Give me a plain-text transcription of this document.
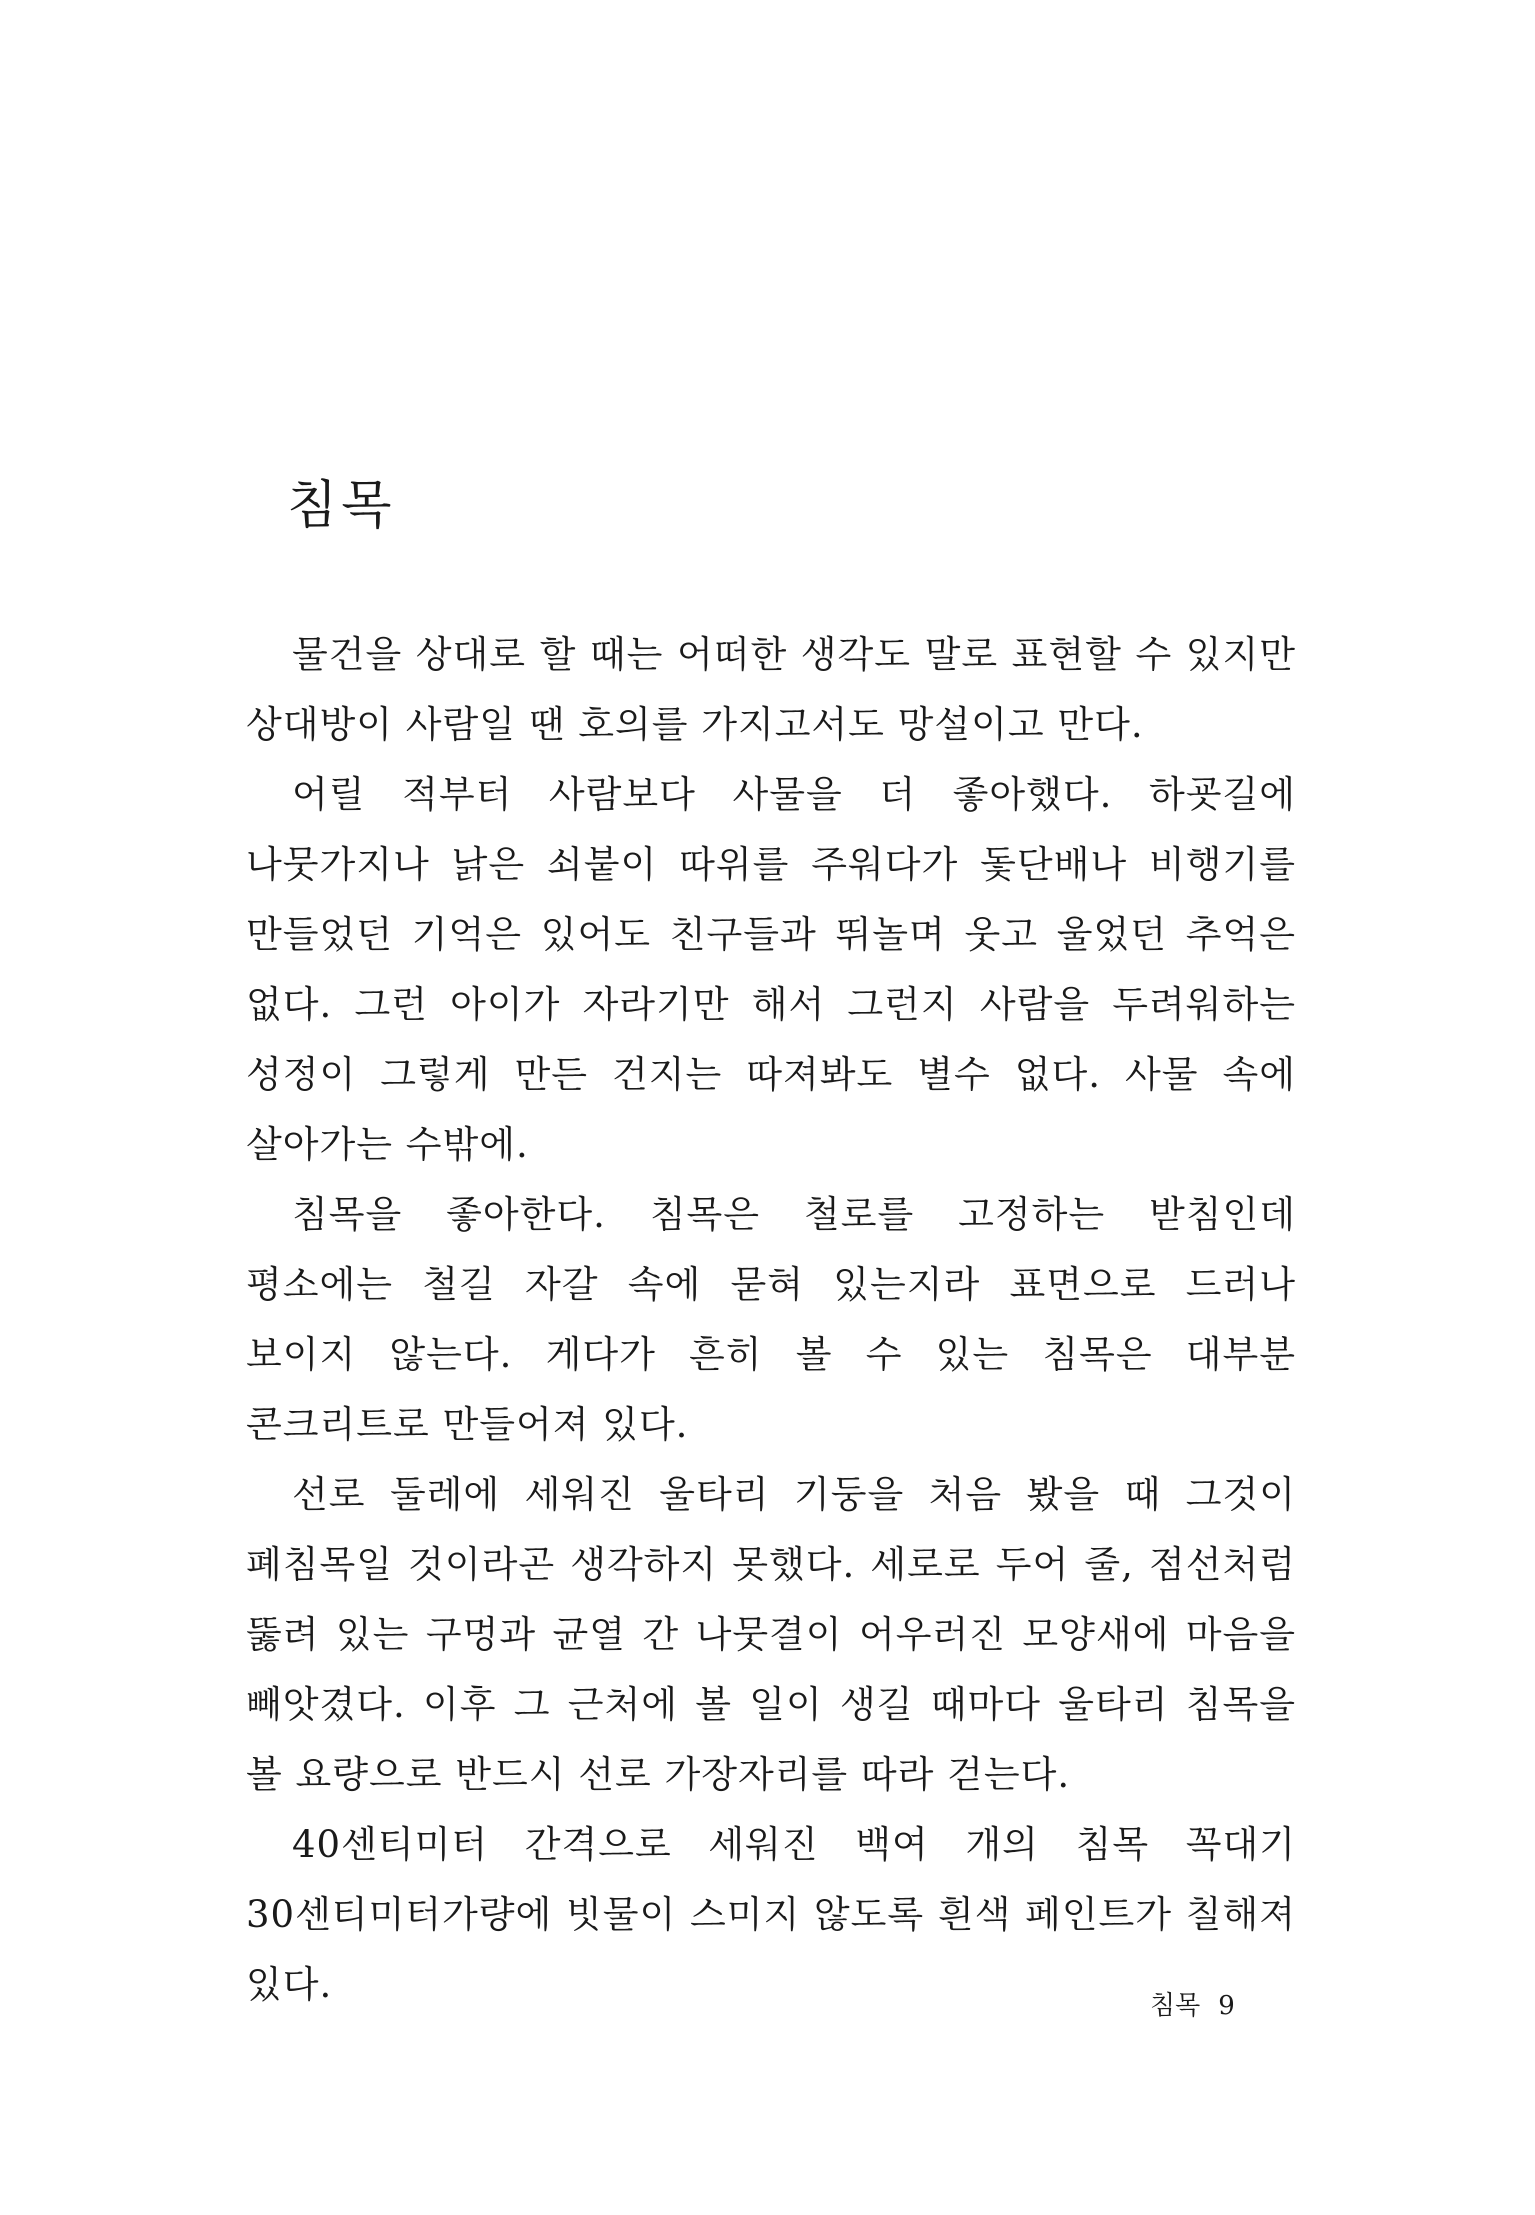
침목

물건을 상대로 할 때는 어떠한 생각도 말로 표현할 수 있지만 상대방이 사람일 땐 호의를 가지고서도 망설이고 만다.

어릴 적부터 사람보다 사물을 더 좋아했다. 하굣길에 나뭇가지나 낡은 쇠붙이 따위를 주워다가 돛단배나 비행기를 만들었던 기억은 있어도 친구들과 뛰놀며 웃고 울었던 추억은 없다. 그런 아이가 자라기만 해서 그런지 사람을 두려워하는 성정이 그렇게 만든 건지는 따져봐도 별수 없다. 사물 속에 살아가는 수밖에.

침목을 좋아한다. 침목은 철로를 고정하는 받침인데 평소에는 철길 자갈 속에 묻혀 있는지라 표면으로 드러나 보이지 않는다. 게다가 흔히 볼 수 있는 침목은 대부분 콘크리트로 만들어져 있다.

선로 둘레에 세워진 울타리 기둥을 처음 봤을 때 그것이 폐침목일 것이라곤 생각하지 못했다. 세로로 두어 줄, 점선처럼 뚫려 있는 구멍과 균열 간 나뭇결이 어우러진 모양새에 마음을 빼앗겼다. 이후 그 근처에 볼 일이 생길 때마다 울타리 침목을 볼 요량으로 반드시 선로 가장자리를 따라 걷는다.

40센티미터 간격으로 세워진 백여 개의 침목 꼭대기 30센티미터가량에 빗물이 스미지 않도록 흰색 페인트가 칠해져 있다.	침목 9
